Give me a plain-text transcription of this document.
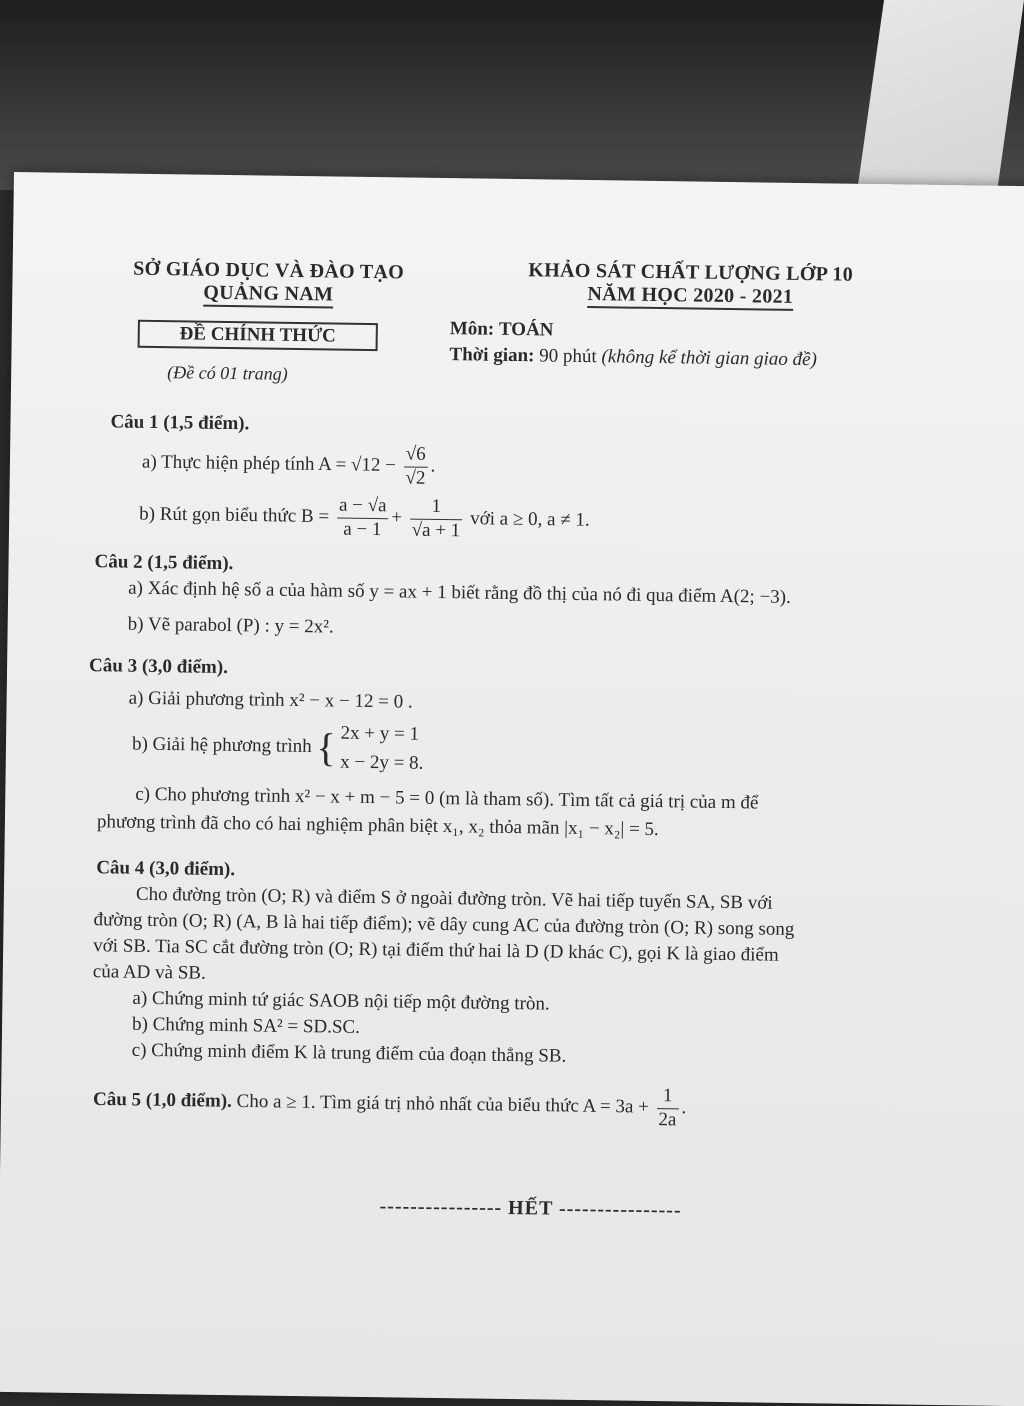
SỞ GIÁO DỤC VÀ ĐÀO TẠO
QUẢNG NAM
KHẢO SÁT CHẤT LƯỢNG LỚP 10
NĂM HỌC 2020 - 2021
ĐỀ CHÍNH THỨC
(Đề có 01 trang)
Môn: TOÁN
Thời gian: 90 phút (không kể thời gian giao đề)
Câu 1 (1,5 điểm).
a) Thực hiện phép tính $A = √12 - \frac{√6}{√2}$ .
b) Rút gọn biểu thức $B = \frac{a - √a}{a - 1} + \frac{1}{√a + 1}$ với a ≥ 0, a ≠ 1.
Câu 2 (1,5 điểm).
a) Xác định hệ số a của hàm số y = ax + 1 biết rằng đồ thị của nó đi qua điểm A(2; −3).
b) Vẽ parabol (P) : y = 2x².
Câu 3 (3,0 điểm).
a) Giải phương trình x² − x − 12 = 0 .
b) Giải hệ phương trình { 2x + y = 1
x − 2y = 8.
c) Cho phương trình x² − x + m − 5 = 0 (m là tham số). Tìm tất cả giá trị của m để
phương trình đã cho có hai nghiệm phân biệt x₁, x₂ thỏa mãn |x₁ − x₂| = 5.
Câu 4 (3,0 điểm).
Cho đường tròn (O; R) và điểm S ở ngoài đường tròn. Vẽ hai tiếp tuyến SA, SB với
đường tròn (O; R) (A, B là hai tiếp điểm); vẽ dây cung AC của đường tròn (O; R) song song
với SB. Tia SC cắt đường tròn (O; R) tại điểm thứ hai là D (D khác C), gọi K là giao điểm
của AD và SB.
a) Chứng minh tứ giác SAOB nội tiếp một đường tròn.
b) Chứng minh SA² = SD.SC.
c) Chứng minh điểm K là trung điểm của đoạn thẳng SB.
Câu 5 (1,0 điểm). Cho a ≥ 1. Tìm giá trị nhỏ nhất của biểu thức $A = 3a + \frac{1}{2a}$ .
---------------- HẾT ----------------
